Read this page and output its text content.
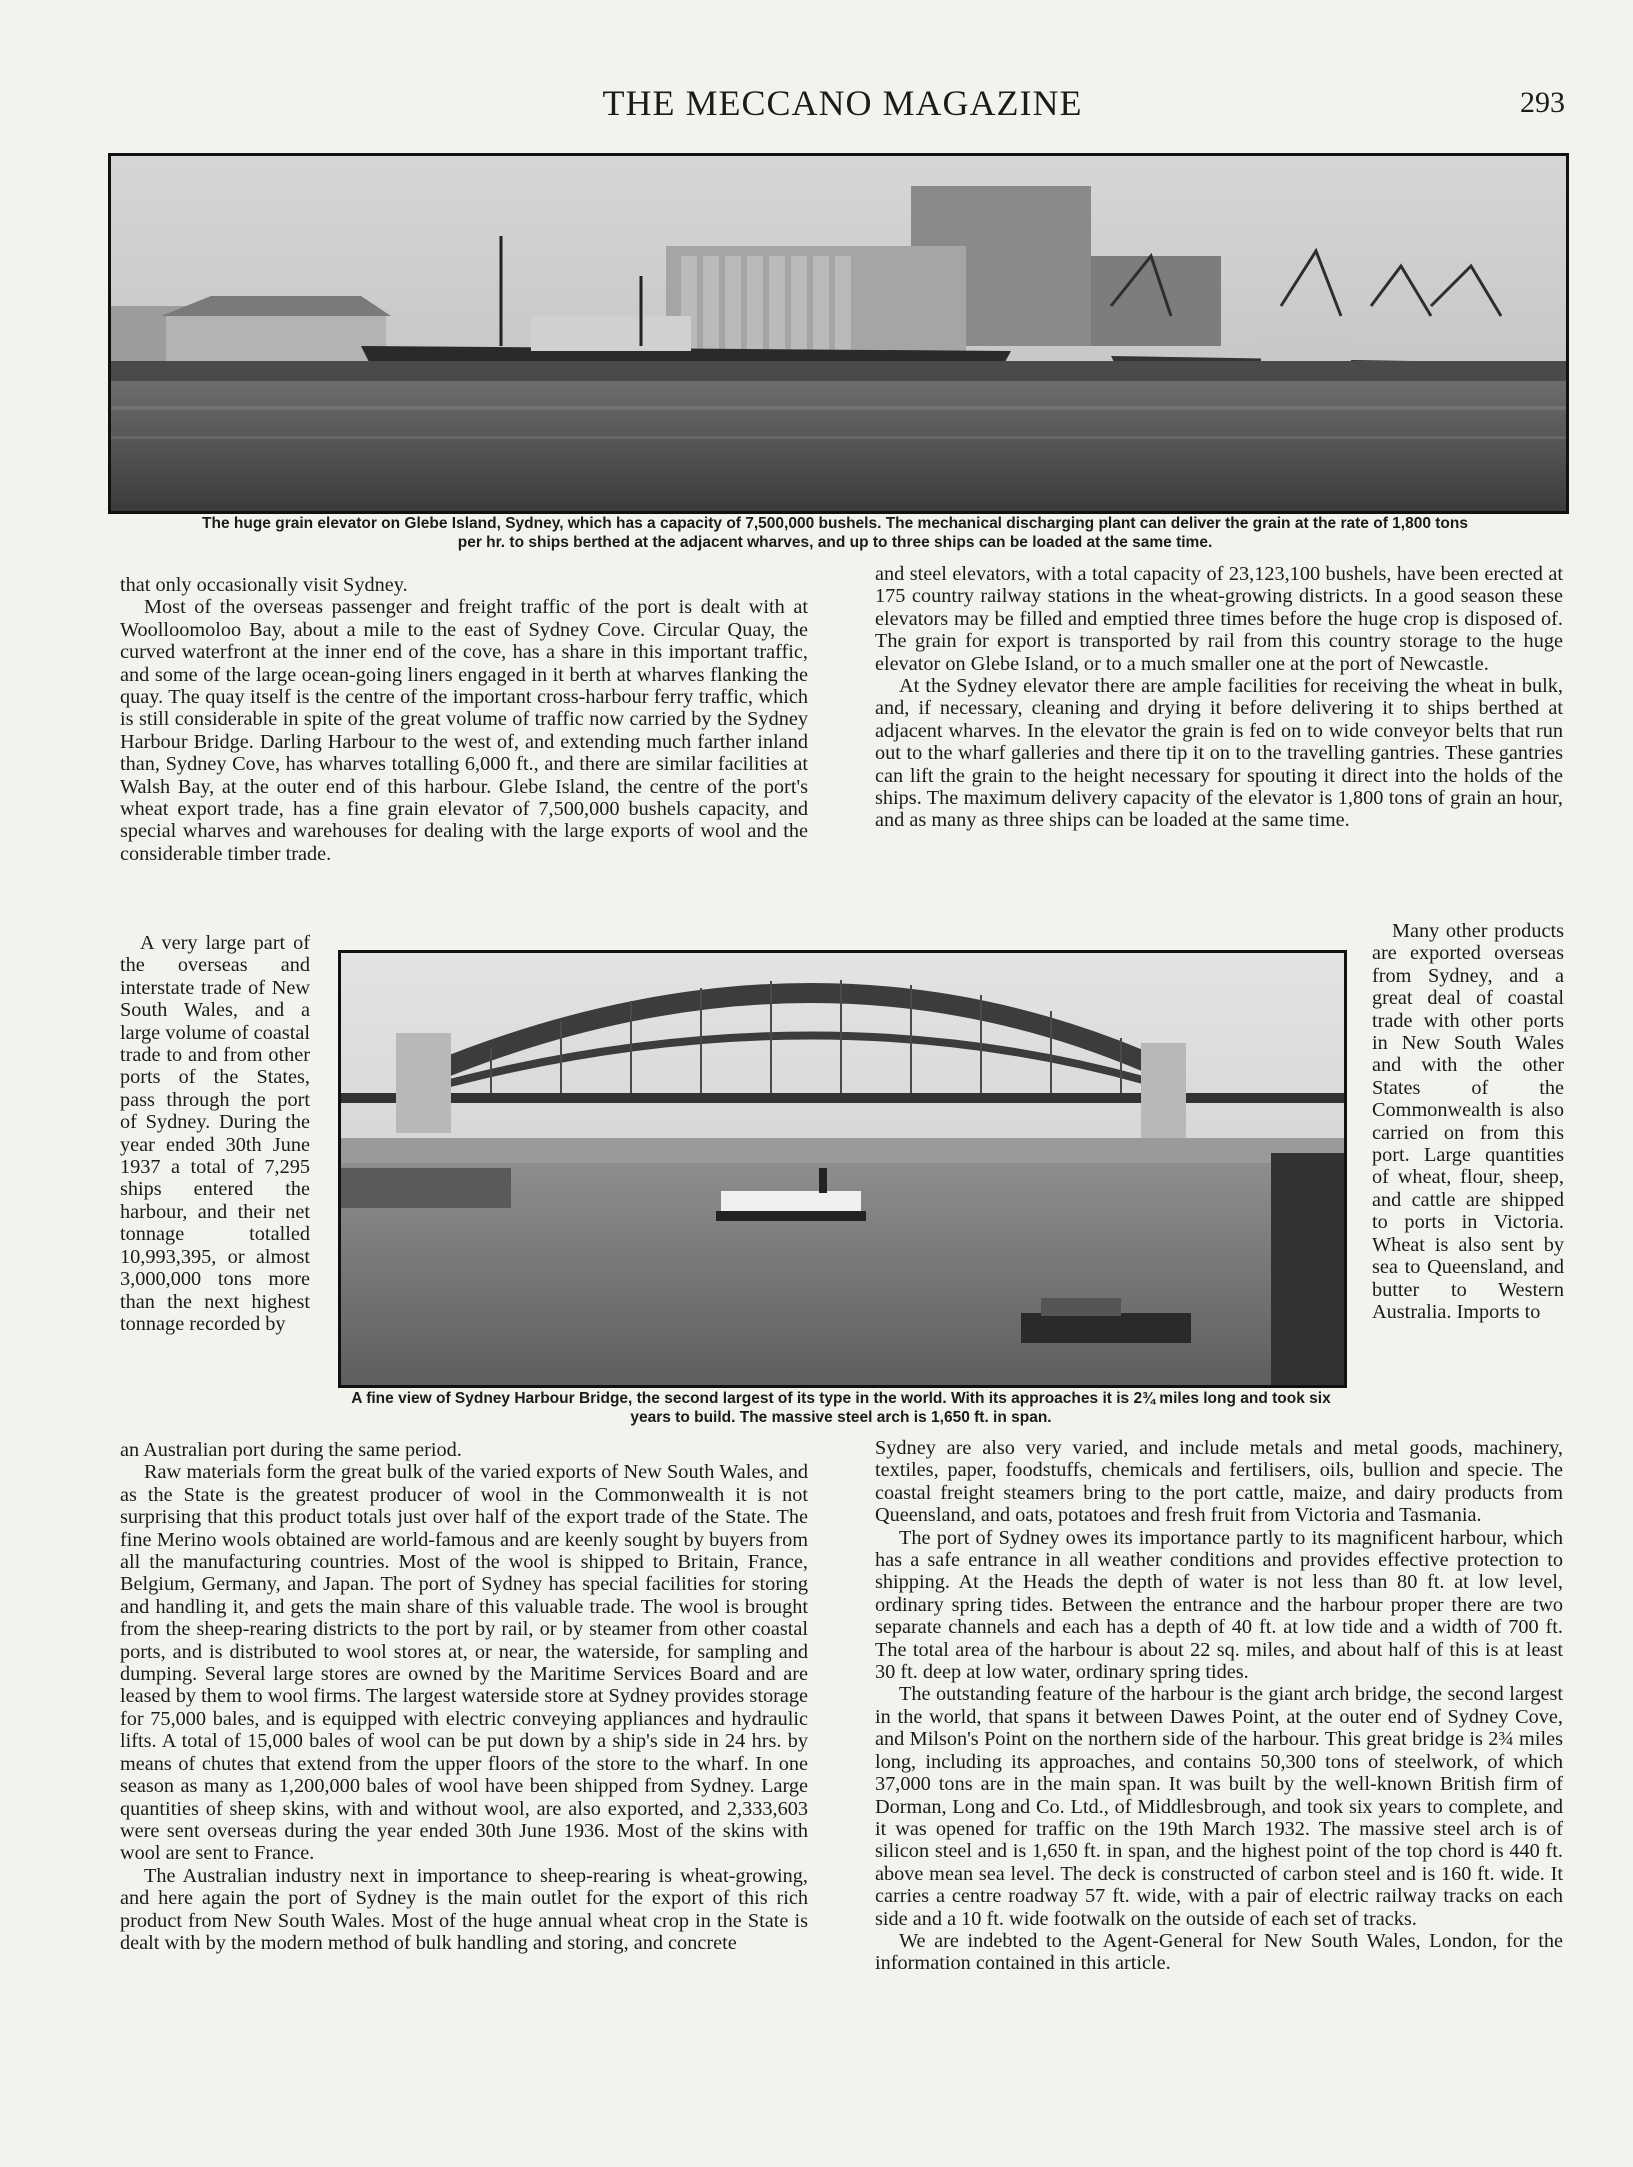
THE MECCANO MAGAZINE	293
The huge grain elevator on Glebe Island, Sydney, which has a capacity of 7,500,000 bushels. The mechanical discharging plant can deliver the grain at the rate of 1,800 tons per hr. to ships berthed at the adjacent wharves, and up to three ships can be loaded at the same time.

that only occasionally visit Sydney.

Most of the overseas passenger and freight traffic of the port is dealt with at Woolloomoloo Bay, about a mile to the east of Sydney Cove. Circular Quay, the curved waterfront at the inner end of the cove, has a share in this important traffic, and some of the large ocean-going liners engaged in it berth at wharves flanking the quay. The quay itself is the centre of the important cross-harbour ferry traffic, which is still considerable in spite of the great volume of traffic now carried by the Sydney Harbour Bridge. Darling Harbour to the west of, and extending much farther inland than, Sydney Cove, has wharves totalling 6,000 ft., and there are similar facilities at Walsh Bay, at the outer end of this harbour. Glebe Island, the centre of the port's wheat export trade, has a fine grain elevator of 7,500,000 bushels capacity, and special wharves and warehouses for dealing with the large exports of wool and the considerable timber trade.

A very large part of the overseas and interstate trade of New South Wales, and a large volume of coastal trade to and from other ports of the States, pass through the port of Sydney. During the year ended 30th June 1937 a total of 7,295 ships entered the harbour, and their net tonnage totalled 10,993,395, or almost 3,000,000 tons more than the next highest tonnage recorded by
A fine view of Sydney Harbour Bridge, the second largest of its type in the world. With its approaches it is 2¾ miles long and took six years to build. The massive steel arch is 1,650 ft. in span.

an Australian port during the same period.

Raw materials form the great bulk of the varied exports of New South Wales, and as the State is the greatest producer of wool in the Commonwealth it is not surprising that this product totals just over half of the export trade of the State. The fine Merino wools obtained are world-famous and are keenly sought by buyers from all the manufacturing countries. Most of the wool is shipped to Britain, France, Belgium, Germany, and Japan. The port of Sydney has special facilities for storing and handling it, and gets the main share of this valuable trade. The wool is brought from the sheep-rearing districts to the port by rail, or by steamer from other coastal ports, and is distributed to wool stores at, or near, the waterside, for sampling and dumping. Several large stores are owned by the Maritime Services Board and are leased by them to wool firms. The largest waterside store at Sydney provides storage for 75,000 bales, and is equipped with electric conveying appliances and hydraulic lifts. A total of 15,000 bales of wool can be put down by a ship's side in 24 hrs. by means of chutes that extend from the upper floors of the store to the wharf. In one season as many as 1,200,000 bales of wool have been shipped from Sydney. Large quantities of sheep skins, with and without wool, are also exported, and 2,333,603 were sent overseas during the year ended 30th June 1936. Most of the skins with wool are sent to France.

The Australian industry next in importance to sheep-rearing is wheat-growing, and here again the port of Sydney is the main outlet for the export of this rich product from New South Wales. Most of the huge annual wheat crop in the State is dealt with by the modern method of bulk handling and storing, and concrete

and steel elevators, with a total capacity of 23,123,100 bushels, have been erected at 175 country railway stations in the wheat-growing districts. In a good season these elevators may be filled and emptied three times before the huge crop is disposed of. The grain for export is transported by rail from this country storage to the huge elevator on Glebe Island, or to a much smaller one at the port of Newcastle.

At the Sydney elevator there are ample facilities for receiving the wheat in bulk, and, if necessary, cleaning and drying it before delivering it to ships berthed at adjacent wharves. In the elevator the grain is fed on to wide conveyor belts that run out to the wharf galleries and there tip it on to the travelling gantries. These gantries can lift the grain to the height necessary for spouting it direct into the holds of the ships. The maximum delivery capacity of the elevator is 1,800 tons of grain an hour, and as many as three ships can be loaded at the same time.

Many other products are exported overseas from Sydney, and a great deal of coastal trade with other ports in New South Wales and with the other States of the Commonwealth is also carried on from this port. Large quantities of wheat, flour, sheep, and cattle are shipped to ports in Victoria. Wheat is also sent by sea to Queensland, and butter to Western Australia. Imports to

Sydney are also very varied, and include metals and metal goods, machinery, textiles, paper, foodstuffs, chemicals and fertilisers, oils, bullion and specie. The coastal freight steamers bring to the port cattle, maize, and dairy products from Queensland, and oats, potatoes and fresh fruit from Victoria and Tasmania.

The port of Sydney owes its importance partly to its magnificent harbour, which has a safe entrance in all weather conditions and provides effective protection to shipping. At the Heads the depth of water is not less than 80 ft. at low level, ordinary spring tides. Between the entrance and the harbour proper there are two separate channels and each has a depth of 40 ft. at low tide and a width of 700 ft. The total area of the harbour is about 22 sq. miles, and about half of this is at least 30 ft. deep at low water, ordinary spring tides.

The outstanding feature of the harbour is the giant arch bridge, the second largest in the world, that spans it between Dawes Point, at the outer end of Sydney Cove, and Milson's Point on the northern side of the harbour. This great bridge is 2¾ miles long, including its approaches, and contains 50,300 tons of steelwork, of which 37,000 tons are in the main span. It was built by the well-known British firm of Dorman, Long and Co. Ltd., of Middlesbrough, and took six years to complete, and it was opened for traffic on the 19th March 1932. The massive steel arch is of silicon steel and is 1,650 ft. in span, and the highest point of the top chord is 440 ft. above mean sea level. The deck is constructed of carbon steel and is 160 ft. wide. It carries a centre roadway 57 ft. wide, with a pair of electric railway tracks on each side and a 10 ft. wide footwalk on the outside of each set of tracks.

We are indebted to the Agent-General for New South Wales, London, for the information contained in this article.
